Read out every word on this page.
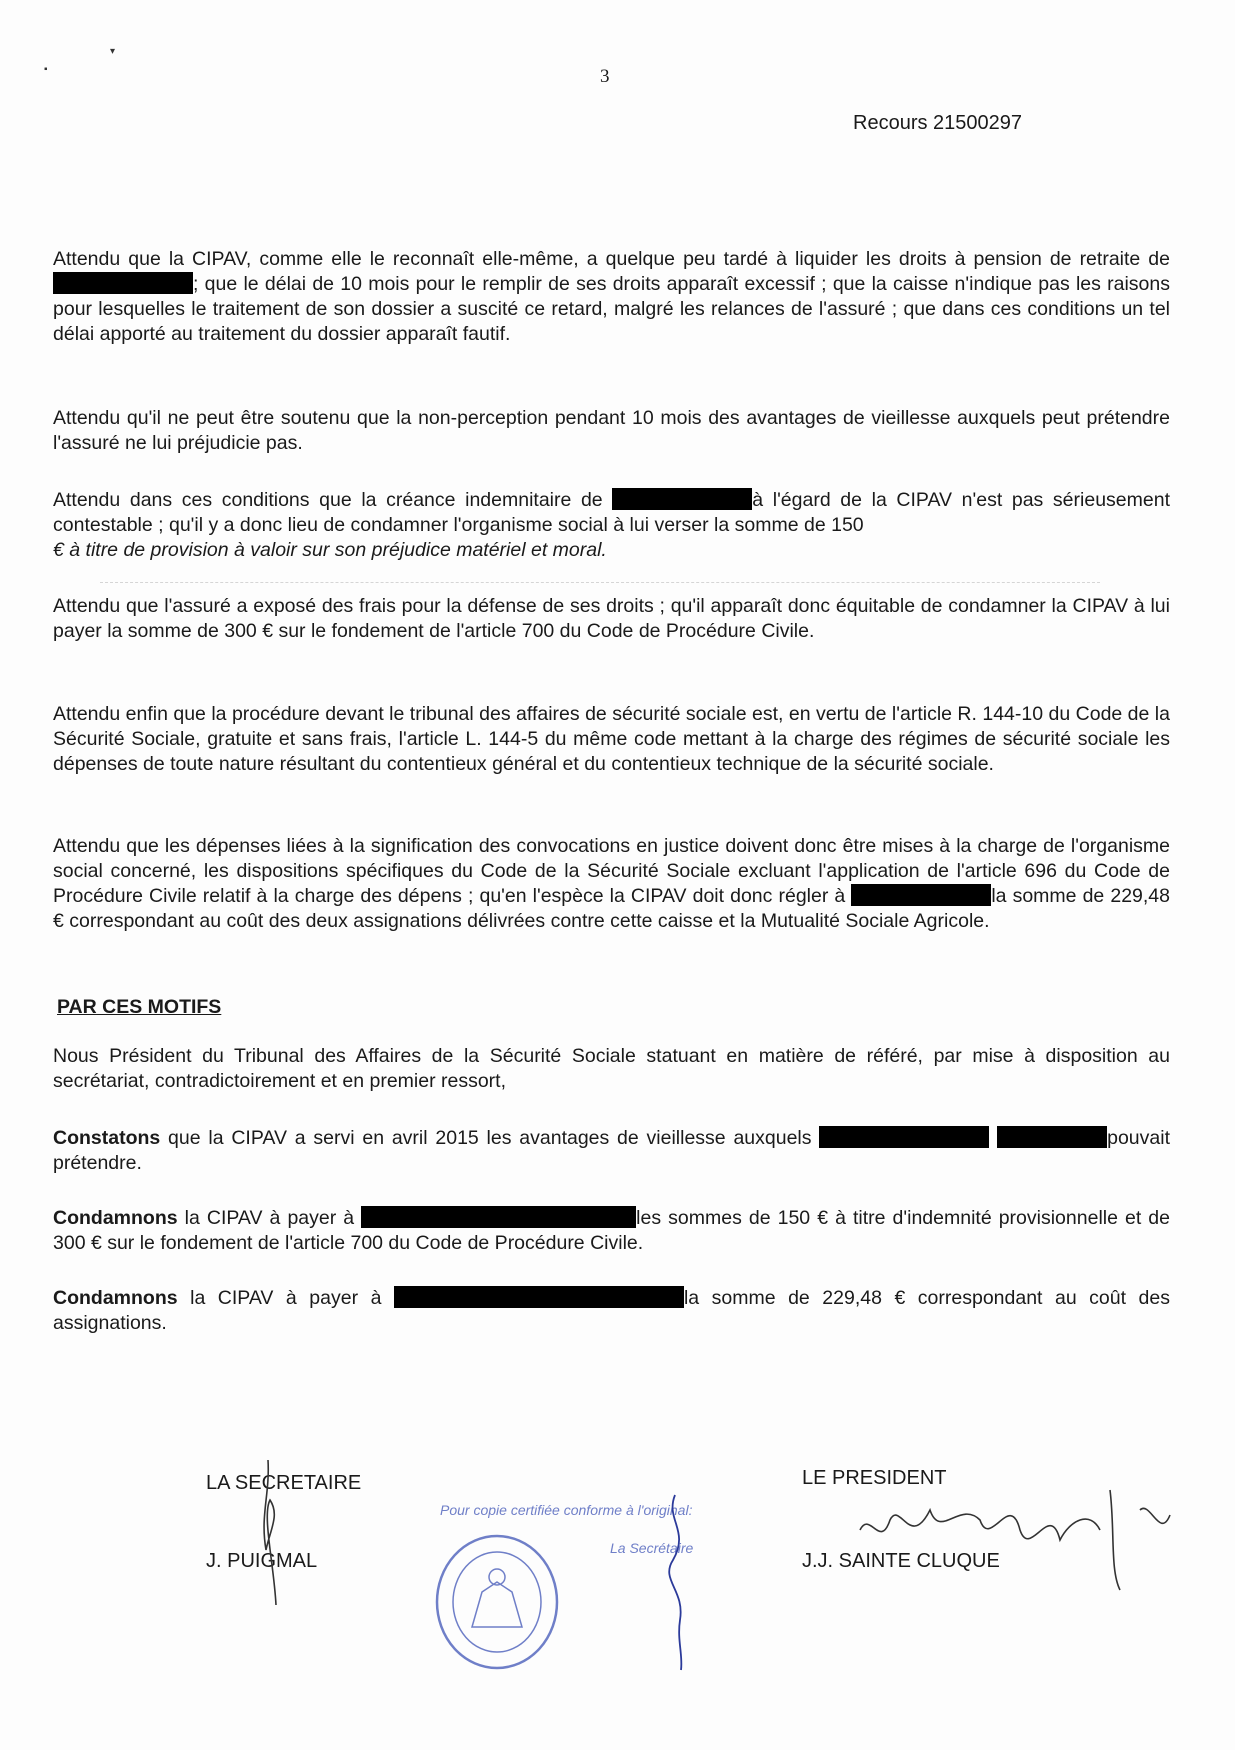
▪
▾
3
Recours 21500297
Attendu que la CIPAV, comme elle le reconnaît elle-même, a quelque peu tardé à liquider les droits à pension de retraite de ; que le délai de 10 mois pour le remplir de ses droits apparaît excessif ; que la caisse n'indique pas les raisons pour lesquelles le traitement de son dossier a suscité ce retard, malgré les relances de l'assuré ; que dans ces conditions un tel délai apporté au traitement du dossier apparaît fautif.
Attendu qu'il ne peut être soutenu que la non-perception pendant 10 mois des avantages de vieillesse auxquels peut prétendre l'assuré ne lui préjudicie pas.
Attendu dans ces conditions que la créance indemnitaire de	à l'égard de la CIPAV n'est pas sérieusement contestable ; qu'il y a donc lieu de condamner l'organisme social à lui verser la somme de 150
€ à titre de provision à valoir sur son préjudice matériel et moral.
Attendu que l'assuré a exposé des frais pour la défense de ses droits ; qu'il apparaît donc équitable de condamner la CIPAV à lui payer la somme de 300 € sur le fondement de l'article 700 du Code de Procédure Civile.
Attendu enfin que la procédure devant le tribunal des affaires de sécurité sociale est, en vertu de l'article R. 144-10 du Code de la Sécurité Sociale, gratuite et sans frais, l'article L. 144-5 du même code mettant à la charge des régimes de sécurité sociale les dépenses de toute nature résultant du contentieux général et du contentieux technique de la sécurité sociale.
Attendu que les dépenses liées à la signification des convocations en justice doivent donc être mises à la charge de l'organisme social concerné, les dispositions spécifiques du Code de la Sécurité Sociale excluant l'application de l'article 696 du Code de Procédure Civile relatif à la charge des dépens ; qu'en l'espèce la CIPAV doit donc régler à	la somme de 229,48 € correspondant au coût des deux assignations délivrées contre cette caisse et la Mutualité Sociale Agricole.
PAR CES MOTIFS
Nous Président du Tribunal des Affaires de la Sécurité Sociale statuant en matière de référé, par mise à disposition au secrétariat, contradictoirement et en premier ressort,
Constatons que la CIPAV a servi en avril 2015 les avantages de vieillesse auxquels	pouvait prétendre.
Condamnons la CIPAV à payer à	les sommes de 150 € à titre d'indemnité provisionnelle et de 300 € sur le fondement de l'article 700 du Code de Procédure Civile.
Condamnons la CIPAV à payer à	la somme de 229,48 € correspondant au coût des assignations.
LA SECRETAIRE
J. PUIGMAL
Pour copie certifiée conforme à l'original:
La Secrétaire
LE PRESIDENT
J.J. SAINTE CLUQUE
